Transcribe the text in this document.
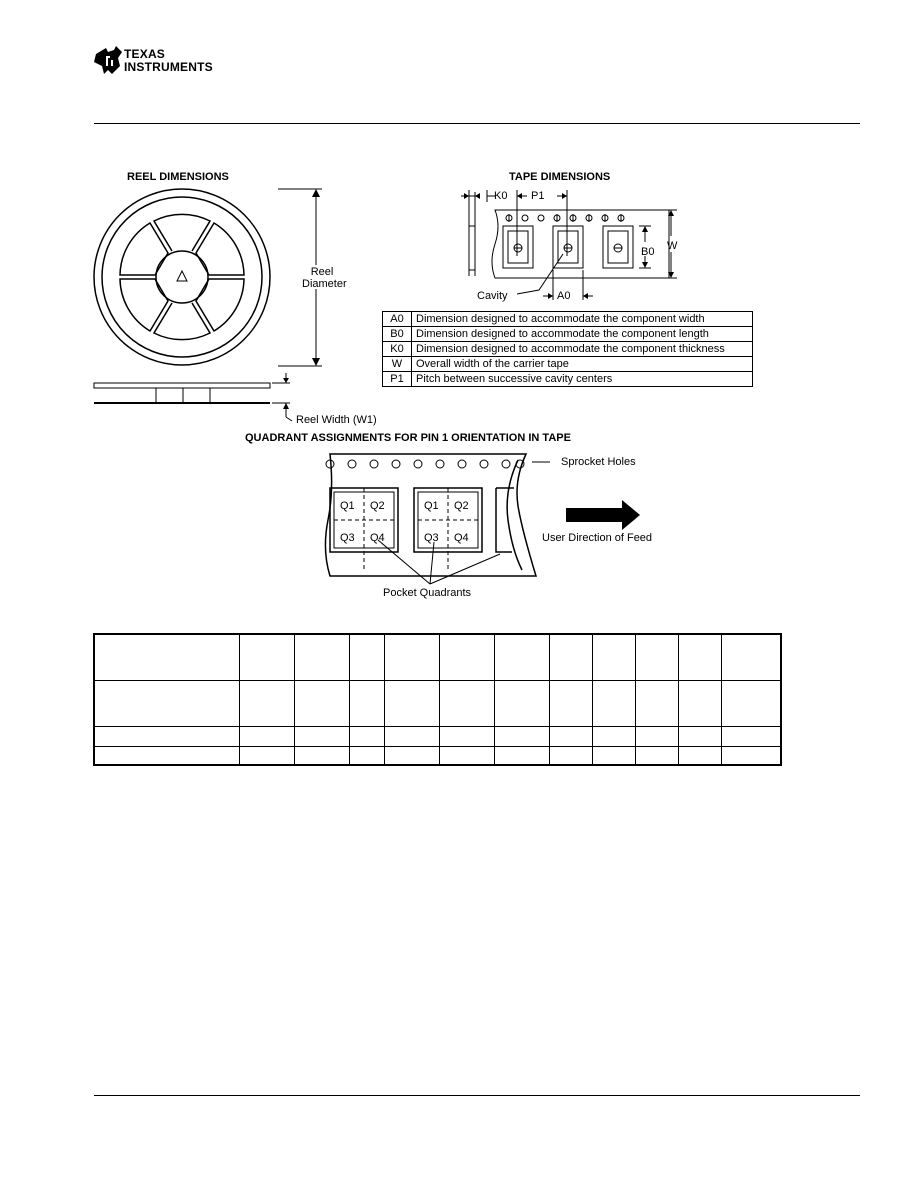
TEXAS
INSTRUMENTS
REEL DIMENSIONS
Reel
Diameter
Reel Width (W1)
TAPE DIMENSIONS
K0 P1
B0 W
A0
Cavity
A0	Dimension designed to accommodate the component width
B0	Dimension designed to accommodate the component length
K0	Dimension designed to accommodate the component thickness
W	Overall width of the carrier tape
P1	Pitch between successive cavity centers
QUADRANT ASSIGNMENTS FOR PIN 1 ORIENTATION IN TAPE
Sprocket Holes
User Direction of Feed
Pocket Quadrants
Q1 Q2
Q3 Q4
Q1 Q2
Q3 Q4
